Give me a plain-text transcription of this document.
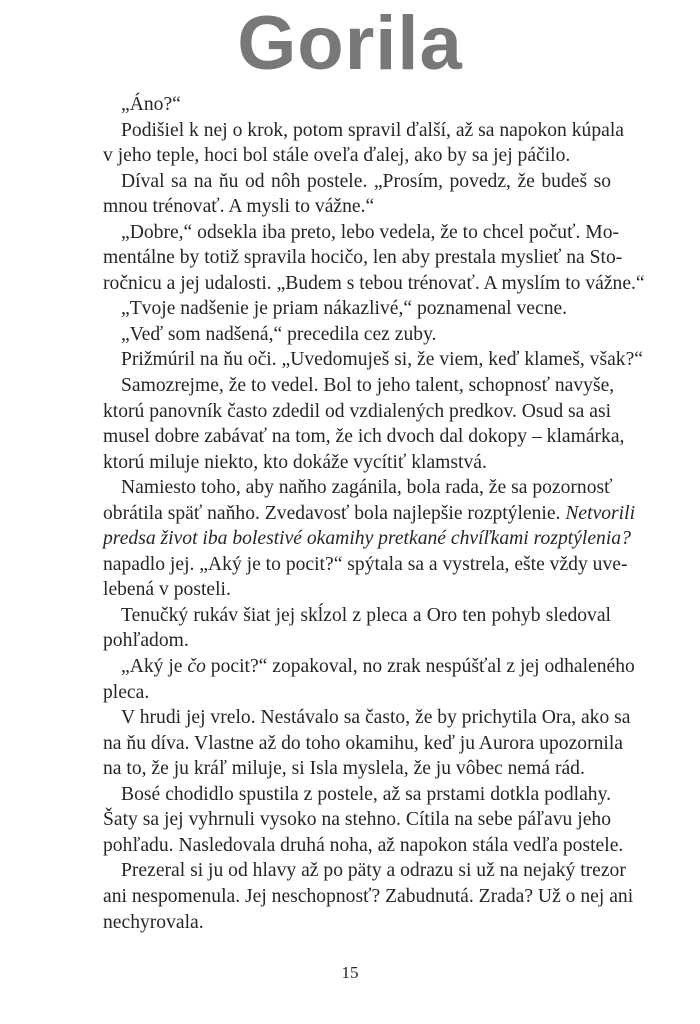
Gorila
„Áno?“
Podišiel k nej o krok, potom spravil ďalší, až sa napokon kúpala
v jeho teple, hoci bol stále oveľa ďalej, ako by sa jej páčilo.
Díval sa na ňu od nôh postele. „Prosím, povedz, že budeš so
mnou trénovať. A mysli to vážne.“
„Dobre,“ odsekla iba preto, lebo vedela, že to chcel počuť. Mo-
mentálne by totiž spravila hocičo, len aby prestala myslieť na Sto-
ročnicu a jej udalosti. „Budem s tebou trénovať. A myslím to vážne.“
„Tvoje nadšenie je priam nákazlivé,“ poznamenal vecne.
„Veď som nadšená,“ precedila cez zuby.
Prižmúril na ňu oči. „Uvedomuješ si, že viem, keď klameš, však?“
Samozrejme, že to vedel. Bol to jeho talent, schopnosť navyše,
ktorú panovník často zdedil od vzdialených predkov. Osud sa asi
musel dobre zabávať na tom, že ich dvoch dal dokopy – klamárka,
ktorú miluje niekto, kto dokáže vycítiť klamstvá.
Namiesto toho, aby naňho zagánila, bola rada, že sa pozornosť
obrátila späť naňho. Zvedavosť bola najlepšie rozptýlenie. Netvorili
predsa život iba bolestivé okamihy pretkané chvíľkami rozptýlenia?
napadlo jej. „Aký je to pocit?“ spýtala sa a vystrela, ešte vždy uve-
lebená v posteli.
Tenučký rukáv šiat jej skĺzol z pleca a Oro ten pohyb sledoval
pohľadom.
„Aký je čo pocit?“ zopakoval, no zrak nespúšťal z jej odhaleného
pleca.
V hrudi jej vrelo. Nestávalo sa často, že by prichytila Ora, ako sa
na ňu díva. Vlastne až do toho okamihu, keď ju Aurora upozornila
na to, že ju kráľ miluje, si Isla myslela, že ju vôbec nemá rád.
Bosé chodidlo spustila z postele, až sa prstami dotkla podlahy.
Šaty sa jej vyhrnuli vysoko na stehno. Cítila na sebe páľavu jeho
pohľadu. Nasledovala druhá noha, až napokon stála vedľa postele.
Prezeral si ju od hlavy až po päty a odrazu si už na nejaký trezor
ani nespomenula. Jej neschopnosť? Zabudnutá. Zrada? Už o nej ani
nechyrovala.
15
